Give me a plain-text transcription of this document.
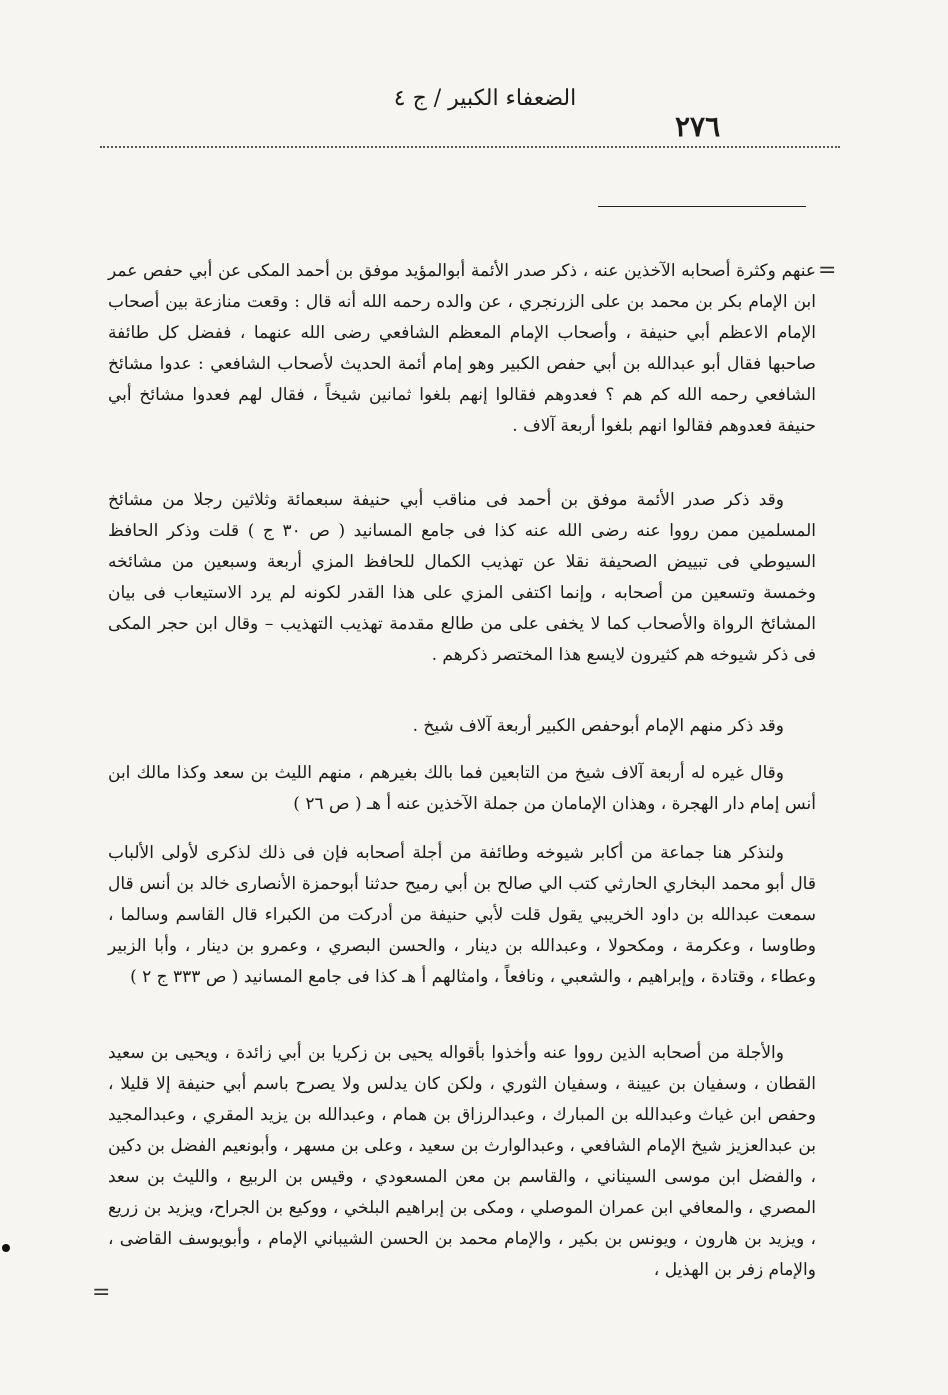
الضعفاء الكبير / ج ٤
٢٧٦
=

عنهم وكثرة أصحابه الآخذين عنه ، ذكر صدر الأئمة أبوالمؤيد موفق بن أحمد المكى عن أبي حفص عمر ابن الإمام بكر بن محمد بن على الزرنجري ، عن والده رحمه الله أنه قال : وقعت منازعة بين أصحاب الإمام الاعظم أبي حنيفة ، وأصحاب الإمام المعظم الشافعي رضى الله عنهما ، ففضل كل طائفة صاحبها فقال أبو عبدالله بن أبي حفص الكبير وهو إمام أئمة الحديث لأصحاب الشافعي : عدوا مشائخ الشافعي رحمه الله كم هم ؟ فعدوهم فقالوا إنهم بلغوا ثمانين شيخاً ، فقال لهم فعدوا مشائخ أبي حنيفة فعدوهم فقالوا انهم بلغوا أربعة آلاف .

وقد ذكر صدر الأئمة موفق بن أحمد فى مناقب أبي حنيفة سبعمائة وثلاثين رجلا من مشائخ المسلمين ممن رووا عنه رضى الله عنه كذا فى جامع المسانيد ( ص ٣٠ ج ) قلت وذكر الحافظ السيوطي فى تبييض الصحيفة نقلا عن تهذيب الكمال للحافظ المزي أربعة وسبعين من مشائخه وخمسة وتسعين من أصحابه ، وإنما اكتفى المزي على هذا القدر لكونه لم يرد الاستيعاب فى بيان المشائخ الرواة والأصحاب كما لا يخفى على من طالع مقدمة تهذيب التهذيب – وقال ابن حجر المكى فى ذكر شيوخه هم كثيرون لايسع هذا المختصر ذكرهم .

وقد ذكر منهم الإمام أبوحفص الكبير أربعة آلاف شيخ .

وقال غيره له أربعة آلاف شيخ من التابعين فما بالك بغيرهم ، منهم الليث بن سعد وكذا مالك ابن أنس إمام دار الهجرة ، وهذان الإمامان من جملة الآخذين عنه أ هـ ( ص ٢٦ )

ولنذكر هنا جماعة من أكابر شيوخه وطائفة من أجلة أصحابه فإن فى ذلك لذكرى لأولى الألباب قال أبو محمد البخاري الحارثي كتب الي صالح بن أبي رميح حدثنا أبوحمزة الأنصارى خالد بن أنس قال سمعت عبدالله بن داود الخريبي يقول قلت لأبي حنيفة من أدركت من الكبراء قال القاسم وسالما ، وطاوسا ، وعكرمة ، ومكحولا ، وعبدالله بن دينار ، والحسن البصري ، وعمرو بن دينار ، وأبا الزبير وعطاء ، وقتادة ، وإبراهيم ، والشعبي ، ونافعاً ، وامثالهم أ هـ كذا فى جامع المسانيد ( ص ٣٣٣ ج ٢ )

والأجلة من أصحابه الذين رووا عنه وأخذوا بأقواله يحيى بن زكريا بن أبي زائدة ، ويحيى بن سعيد القطان ، وسفيان بن عيينة ، وسفيان الثوري ، ولكن كان يدلس ولا يصرح باسم أبي حنيفة إلا قليلا ، وحفص ابن غياث وعبدالله بن المبارك ، وعبدالرزاق بن همام ، وعبدالله بن يزيد المقري ، وعبدالمجيد بن عبدالعزيز شيخ الإمام الشافعي ، وعبدالوارث بن سعيد ، وعلى بن مسهر ، وأبونعيم الفضل بن دكين ، والفضل ابن موسى السيناني ، والقاسم بن معن المسعودي ، وقيس بن الربيع ، والليث بن سعد المصري ، والمعافي ابن عمران الموصلي ، ومكى بن إبراهيم البلخي ، ووكيع بن الجراح، ويزيد بن زريع ، ويزيد بن هارون ، ويونس بن بكير ، والإمام محمد بن الحسن الشيباني الإمام ، وأبويوسف القاضى ، والإمام زفر بن الهذيل ،

=
